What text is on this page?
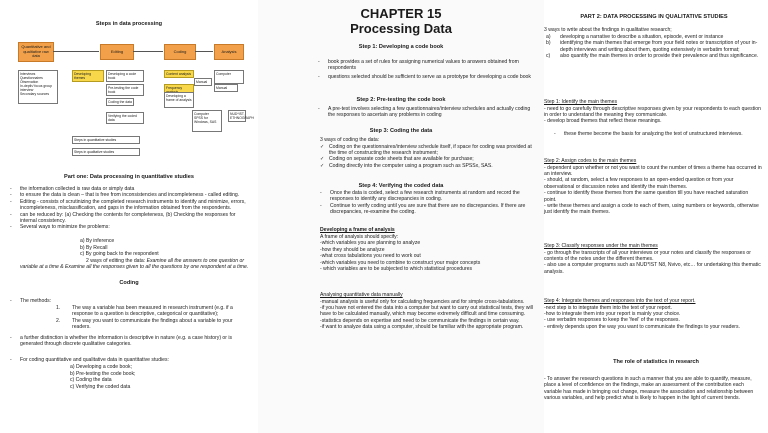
Steps in data processing
Quantitative and qualitative raw data
Editing	Coding	Analysis
Interviews
Questionnaires
Observation
In-depth/ focus group interview
Secondary sources
Developing themes
Developing a code book
Pre-testing the code book
Coding the data
Verifying the coded data
Content analysis
Manual
Frequency
Developing a frame of analysis
Computer
Manual
Computer
SPSS for Windows, SAS
NUD*IST, ETHNOGRAPH
Steps in quantitative studies
Steps in qualitative studies
Part one: Data processing in quantitative studies
- the information collected is raw data or simply data
- to ensure the data is clean – that is free from inconsistencies and incompleteness - called editing.
- Editing - consists of scrutinizing the completed research instruments to identify and minimize, errors, incompleteness, misclassification, and gaps in the information obtained from the respondents.
- can be reduced by: (a) Checking the contents for completeness, (b) Checking the responses for internal consistency.
- Several ways to minimize the problems:
a) By inference
b) By Recall
c) By going back to the respondent
2 ways of editing the data: Examine all the answers to one question or variable at a time & Examine all the responses given to all the questions by one respondent at a time.
Coding
- The methods:
1. The way a variable has been measured in research instrument (e.g. if a response to a question is descriptive, categorical or quantitative);
2. The way you want to communicate the findings about a variable to your readers.
- a further distinction is whether the information is descriptive in nature (e.g. a case history) or is generated through discrete qualitative categories.
- For coding quantitative and qualitative data in quantitative studies:
a) Developing a code book;
b) Pre-testing the code book;
c) Coding the data
c) Verifying the coded data
CHAPTER 15
Processing Data
Step 1: Developing a code book
- book provides a set of rules for assigning numerical values to answers obtained from respondents
- questions selected should be sufficient to serve as a prototype for developing a code book
Step 2: Pre-testing the code book
- A pre-test involves selecting a few questionnaires/interview schedules and actually coding the responses to ascertain any problems in coding
Step 3: Coding the data
3 ways of coding the data:
✓ Coding on the questionnaires/interview schedule itself, if space for coding was provided at the time of constructing the research instrument;
✓ Coding on separate code sheets that are available for purchase;
✓ Coding directly into the computer using a program such as SPSSx, SAS.
Step 4: Verifying the coded data
- Once the data is coded, select a few research instruments at random and record the responses to identify any discrepancies in coding.
- Continue to verify coding until you are sure that there are no discrepancies. If there are discrepancies, re-examine the coding.
Developing a frame of analysis
A frame of analysis should specify:
-which variables you are planning to analyze
-how they should be analyze
-what cross tabulations you need to work out
-which variables you need to combine to construct your major concepts
- which variables are to be subjected to which statistical procedures
Analysing quantitative data manually
-manual analysis is useful only for calculating frequencies and for simple cross-tabulations.
-if you have not entered the data into a computer but want to carry out statistical tests, they will have to be calculated manually, which may become extremely difficult and time consuming.
-statistics depends on expertise and need to be communicate the findings in certain way.
-if want to analyze data using a computer, should be familiar with the appropriate program.
PART 2: DATA PROCESSING IN QUALITATIVE STUDIES
3 ways to write about the findings in qualitative research;
a) developing a narrative to describe a situation, episode, event or instance
b) identifying the main themes that emerge from your field notes or transcription of your in-depth interviews and writing about them, quoting extensively in verbatim format;
c) also quantify the main themes in order to provide their prevalence and thus significance.
Step 1: Identify the main themes
- need to go carefully through descriptive responses given by your respondents to each question in order to understand the meaning they communicate.
- develop broad themes that reflect these meanings.
- these theme become the basis for analyzing the text of unstructured interviews.
Step 2: Assign codes to the main themes
- dependent upon whether or not you want to count the number of times a theme has occurred in an interview.
- should, at random, select a few responses to an open-ended question or from your observational or discussion notes and identify the main themes.
- continue to identify these themes from the same question till you have reached saturation point.
- write these themes and assign a code to each of them, using numbers or keywords, otherwise just identify the main themes.
Step 3: Classify responses under the main themes
- go through the transcripts of all your interviews or your notes and classify the responses or contents of the notes under the different themes.
- also use a computer programs such as NUD*IST N8, Nvivo, etc… for undertaking this thematic analysis.
Step 4: Integrate themes and responses into the text of your report.
-next step is to integrate them into the text of your report.
-how to integrate them into your report is mainly your choice.
- use verbatim responses to keep the 'feel' of the responses.
- entirely depends upon the way you want to communicate the findings to your readers.
The role of statistics in research
- To answer the research questions in such a manner that you are able to quantify, measure, place a level of confidence on the findings, make an assessment of the contribution each variable has made in bringing out change, measure the association and relationship between various variables, and help predict what is likely to happen in the light of current trends.
